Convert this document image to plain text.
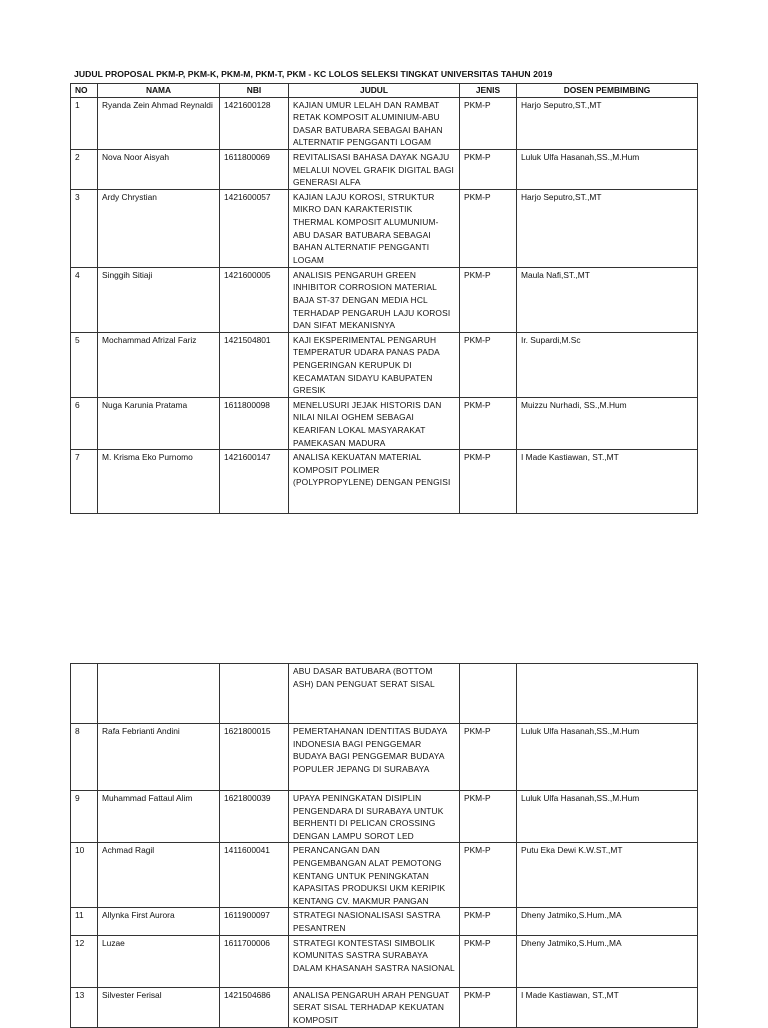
JUDUL PROPOSAL PKM-P, PKM-K, PKM-M, PKM-T, PKM - KC LOLOS SELEKSI TINGKAT UNIVERSITAS TAHUN 2019
NO	NAMA	NBI	JUDUL	JENIS	DOSEN PEMBIMBING
1	Ryanda Zein Ahmad Reynaldi	1421600128	KAJIAN UMUR LELAH DAN RAMBAT RETAK KOMPOSIT ALUMINIUM-ABU DASAR BATUBARA SEBAGAI BAHAN ALTERNATIF PENGGANTI LOGAM	PKM-P	Harjo Seputro,ST.,MT
2	Nova Noor Aisyah	1611800069	REVITALISASI BAHASA DAYAK NGAJU MELALUI NOVEL GRAFIK DIGITAL BAGI GENERASI ALFA	PKM-P	Luluk Ulfa Hasanah,SS.,M.Hum
3	Ardy Chrystian	1421600057	KAJIAN LAJU KOROSI, STRUKTUR MIKRO DAN KARAKTERISTIK THERMAL KOMPOSIT ALUMUNIUM-ABU DASAR BATUBARA SEBAGAI BAHAN ALTERNATIF PENGGANTI LOGAM	PKM-P	Harjo Seputro,ST.,MT
4	Singgih Sitiaji	1421600005	ANALISIS PENGARUH GREEN INHIBITOR CORROSION MATERIAL BAJA ST-37 DENGAN MEDIA HCL TERHADAP PENGARUH LAJU KOROSI DAN SIFAT MEKANISNYA	PKM-P	Maula Nafi,ST.,MT
5	Mochammad Afrizal Fariz	1421504801	KAJI EKSPERIMENTAL PENGARUH TEMPERATUR UDARA PANAS PADA PENGERINGAN KERUPUK DI KECAMATAN SIDAYU KABUPATEN GRESIK	PKM-P	Ir. Supardi,M.Sc
6	Nuga Karunia Pratama	1611800098	MENELUSURI JEJAK HISTORIS DAN NILAI NILAI OGHEM SEBAGAI KEARIFAN LOKAL MASYARAKAT PAMEKASAN MADURA	PKM-P	Muizzu Nurhadi, SS.,M.Hum
7	M. Krisma Eko Purnomo	1421600147	ANALISA KEKUATAN MATERIAL KOMPOSIT POLIMER (POLYPROPYLENE) DENGAN PENGISI	PKM-P	I Made Kastiawan, ST.,MT
			ABU DASAR BATUBARA (BOTTOM ASH) DAN PENGUAT SERAT SISAL		
8	Rafa Febrianti Andini	1621800015	PEMERTAHANAN IDENTITAS BUDAYA INDONESIA BAGI PENGGEMAR BUDAYA BAGI PENGGEMAR BUDAYA POPULER JEPANG DI SURABAYA	PKM-P	Luluk Ulfa Hasanah,SS.,M.Hum
9	Muhammad Fattaul Alim	1621800039	UPAYA PENINGKATAN DISIPLIN PENGENDARA DI SURABAYA UNTUK BERHENTI DI PELICAN CROSSING DENGAN LAMPU SOROT LED	PKM-P	Luluk Ulfa Hasanah,SS.,M.Hum
10	Achmad Ragil	1411600041	PERANCANGAN DAN PENGEMBANGAN ALAT PEMOTONG KENTANG UNTUK PENINGKATAN KAPASITAS PRODUKSI UKM KERIPIK KENTANG CV. MAKMUR PANGAN	PKM-P	Putu Eka Dewi K.W.ST.,MT
11	Allynka First Aurora	1611900097	STRATEGI NASIONALISASI SASTRA PESANTREN	PKM-P	Dheny Jatmiko,S.Hum.,MA
12	Luzae	1611700006	STRATEGI KONTESTASI SIMBOLIK KOMUNITAS SASTRA SURABAYA DALAM KHASANAH SASTRA NASIONAL	PKM-P	Dheny Jatmiko,S.Hum.,MA
13	Silvester Ferisal	1421504686	ANALISA PENGARUH ARAH PENGUAT SERAT SISAL TERHADAP KEKUATAN KOMPOSIT	PKM-P	I Made Kastiawan, ST.,MT
